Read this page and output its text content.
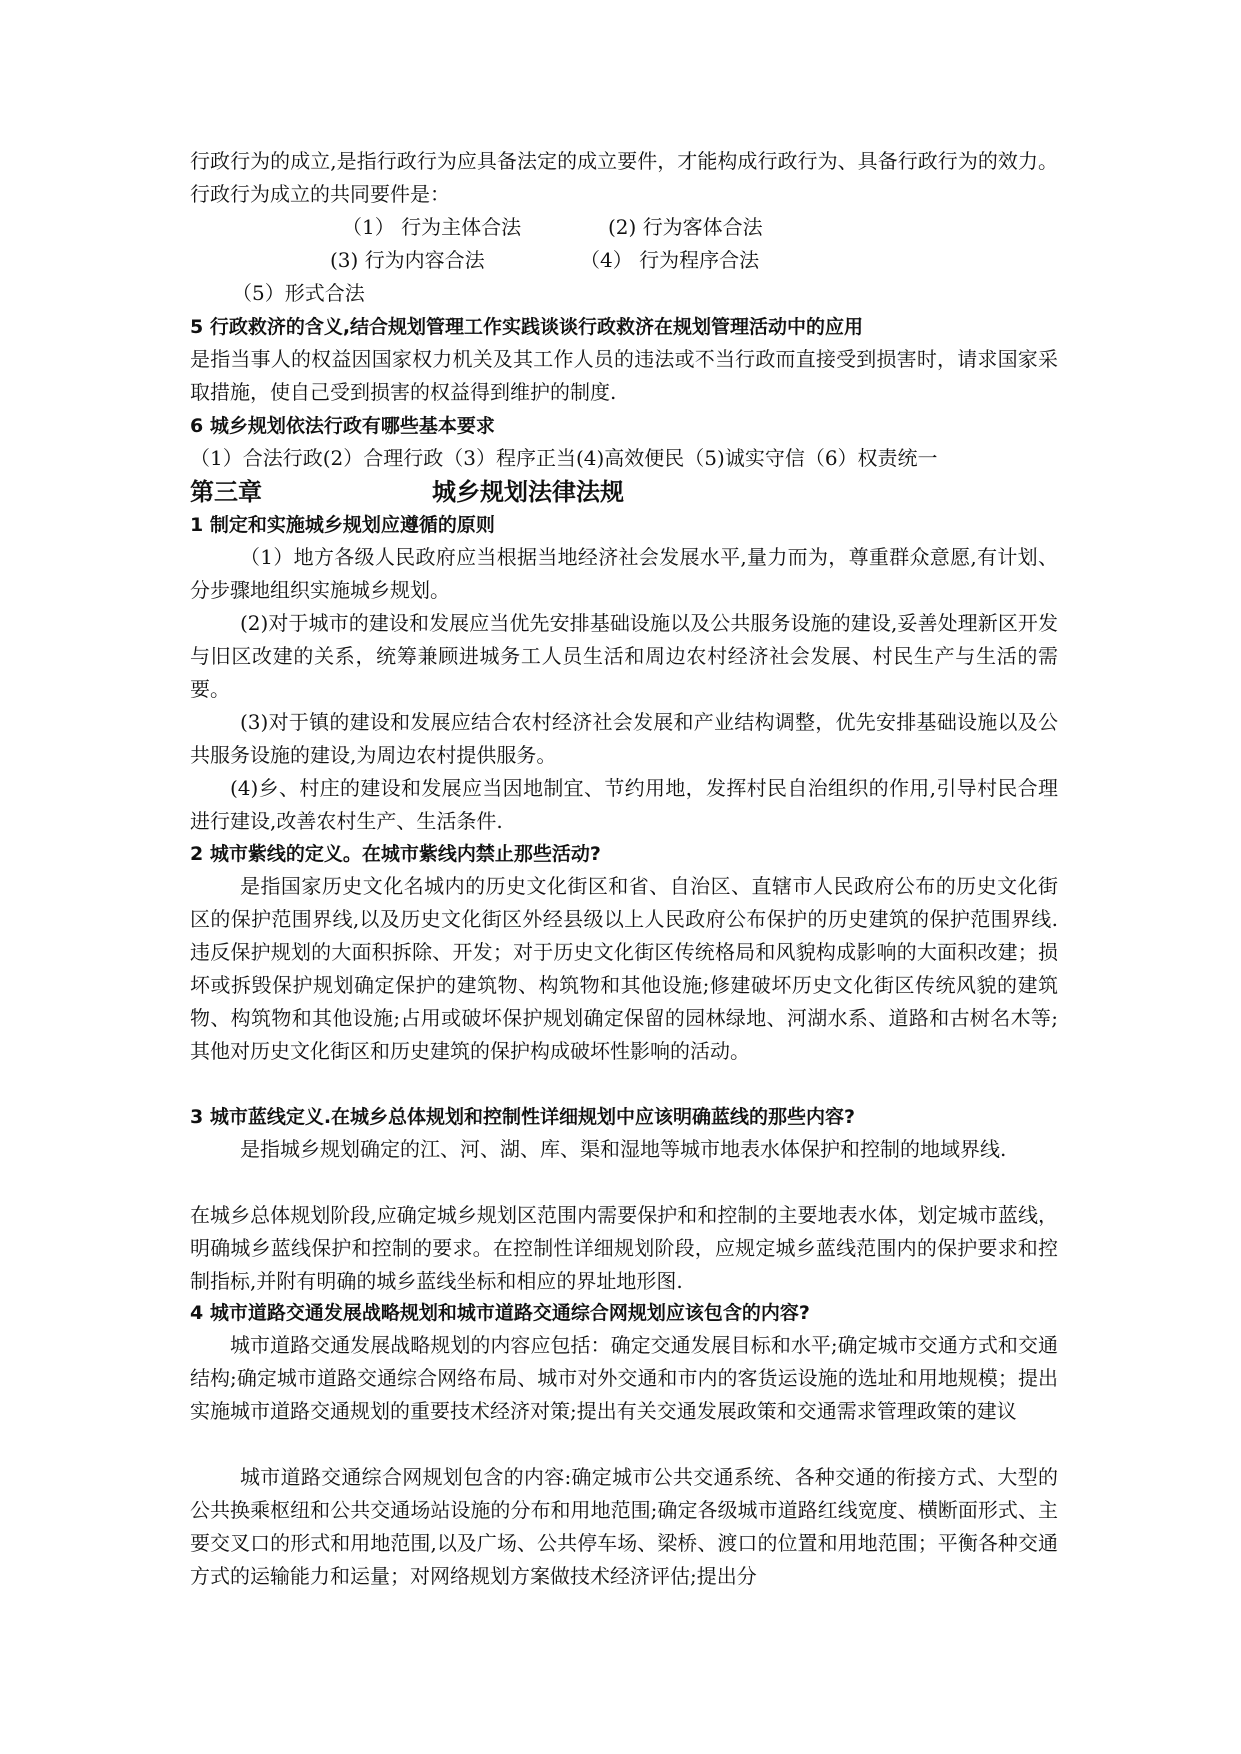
行政行为的成立,是指行政行为应具备法定的成立要件，才能构成行政行为、具备行政行为的效力。行政行为成立的共同要件是：

（1） 行为主体合法	(2) 行为客体合法
(3) 行为内容合法	（4） 行为程序合法
（5）形式合法

5 行政救济的含义,结合规划管理工作实践谈谈行政救济在规划管理活动中的应用

是指当事人的权益因国家权力机关及其工作人员的违法或不当行政而直接受到损害时，请求国家采取措施，使自己受到损害的权益得到维护的制度.

6 城乡规划依法行政有哪些基本要求

（1）合法行政(2）合理行政（3）程序正当(4)高效便民（5)诚实守信（6）权责统一

第三章	城乡规划法律法规

1 制定和实施城乡规划应遵循的原则

（1）地方各级人民政府应当根据当地经济社会发展水平,量力而为，尊重群众意愿,有计划、分步骤地组织实施城乡规划。

(2)对于城市的建设和发展应当优先安排基础设施以及公共服务设施的建设,妥善处理新区开发与旧区改建的关系，统筹兼顾进城务工人员生活和周边农村经济社会发展、村民生产与生活的需要。

(3)对于镇的建设和发展应结合农村经济社会发展和产业结构调整，优先安排基础设施以及公共服务设施的建设,为周边农村提供服务。

(4)乡、村庄的建设和发展应当因地制宜、节约用地，发挥村民自治组织的作用,引导村民合理进行建设,改善农村生产、生活条件.

2 城市紫线的定义。在城市紫线内禁止那些活动?

是指国家历史文化名城内的历史文化街区和省、自治区、直辖市人民政府公布的历史文化街区的保护范围界线,以及历史文化街区外经县级以上人民政府公布保护的历史建筑的保护范围界线.违反保护规划的大面积拆除、开发；对于历史文化街区传统格局和风貌构成影响的大面积改建；损坏或拆毁保护规划确定保护的建筑物、构筑物和其他设施;修建破坏历史文化街区传统风貌的建筑物、构筑物和其他设施;占用或破坏保护规划确定保留的园林绿地、河湖水系、道路和古树名木等;其他对历史文化街区和历史建筑的保护构成破坏性影响的活动。

3 城市蓝线定义.在城乡总体规划和控制性详细规划中应该明确蓝线的那些内容?

是指城乡规划确定的江、河、湖、库、渠和湿地等城市地表水体保护和控制的地域界线.

在城乡总体规划阶段,应确定城乡规划区范围内需要保护和和控制的主要地表水体，划定城市蓝线，明确城乡蓝线保护和控制的要求。在控制性详细规划阶段，应规定城乡蓝线范围内的保护要求和控制指标,并附有明确的城乡蓝线坐标和相应的界址地形图.

4 城市道路交通发展战略规划和城市道路交通综合网规划应该包含的内容?

城市道路交通发展战略规划的内容应包括：确定交通发展目标和水平;确定城市交通方式和交通结构;确定城市道路交通综合网络布局、城市对外交通和市内的客货运设施的选址和用地规模；提出实施城市道路交通规划的重要技术经济对策;提出有关交通发展政策和交通需求管理政策的建议

城市道路交通综合网规划包含的内容:确定城市公共交通系统、各种交通的衔接方式、大型的公共换乘枢纽和公共交通场站设施的分布和用地范围;确定各级城市道路红线宽度、横断面形式、主要交叉口的形式和用地范围,以及广场、公共停车场、梁桥、渡口的位置和用地范围；平衡各种交通方式的运输能力和运量；对网络规划方案做技术经济评估;提出分
